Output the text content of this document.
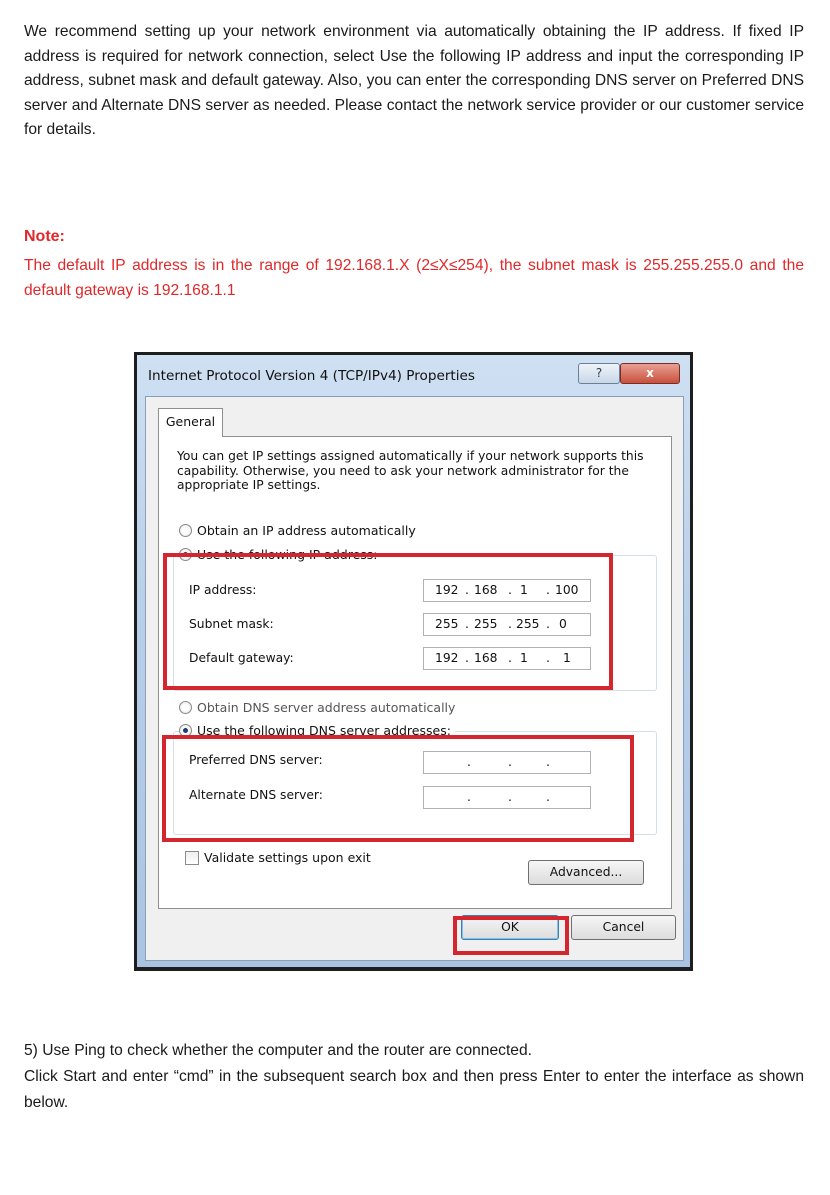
We recommend setting up your network environment via automatically obtaining the IP address. If fixed IP address is required for network connection, select Use the following IP address and input the corresponding IP address, subnet mask and default gateway. Also, you can enter the corresponding DNS server on Preferred DNS server and Alternate DNS server as needed. Please contact the network service provider or our customer service for details.
Note:
The default IP address is in the range of 192.168.1.X (2≤X≤254), the subnet mask is 255.255.255.0 and the default gateway is 192.168.1.1
Internet Protocol Version 4 (TCP/IPv4) Properties	?	x
General
You can get IP settings assigned automatically if your network supports this capability. Otherwise, you need to ask your network administrator for the appropriate IP settings.
Obtain an IP address automatically
Use the following IP address:
IP address:	192 . 168 . 1 . 100
Subnet mask:	255 . 255 . 255 . 0
Default gateway:	192 . 168 . 1 . 1
Obtain DNS server address automatically
Use the following DNS server addresses:
Preferred DNS server:	.	.	.
Alternate DNS server:	.	.	.
Validate settings upon exit
Advanced...
OK	Cancel
5) Use Ping to check whether the computer and the router are connected.
Click Start and enter “cmd” in the subsequent search box and then press Enter to enter the interface as shown below.
